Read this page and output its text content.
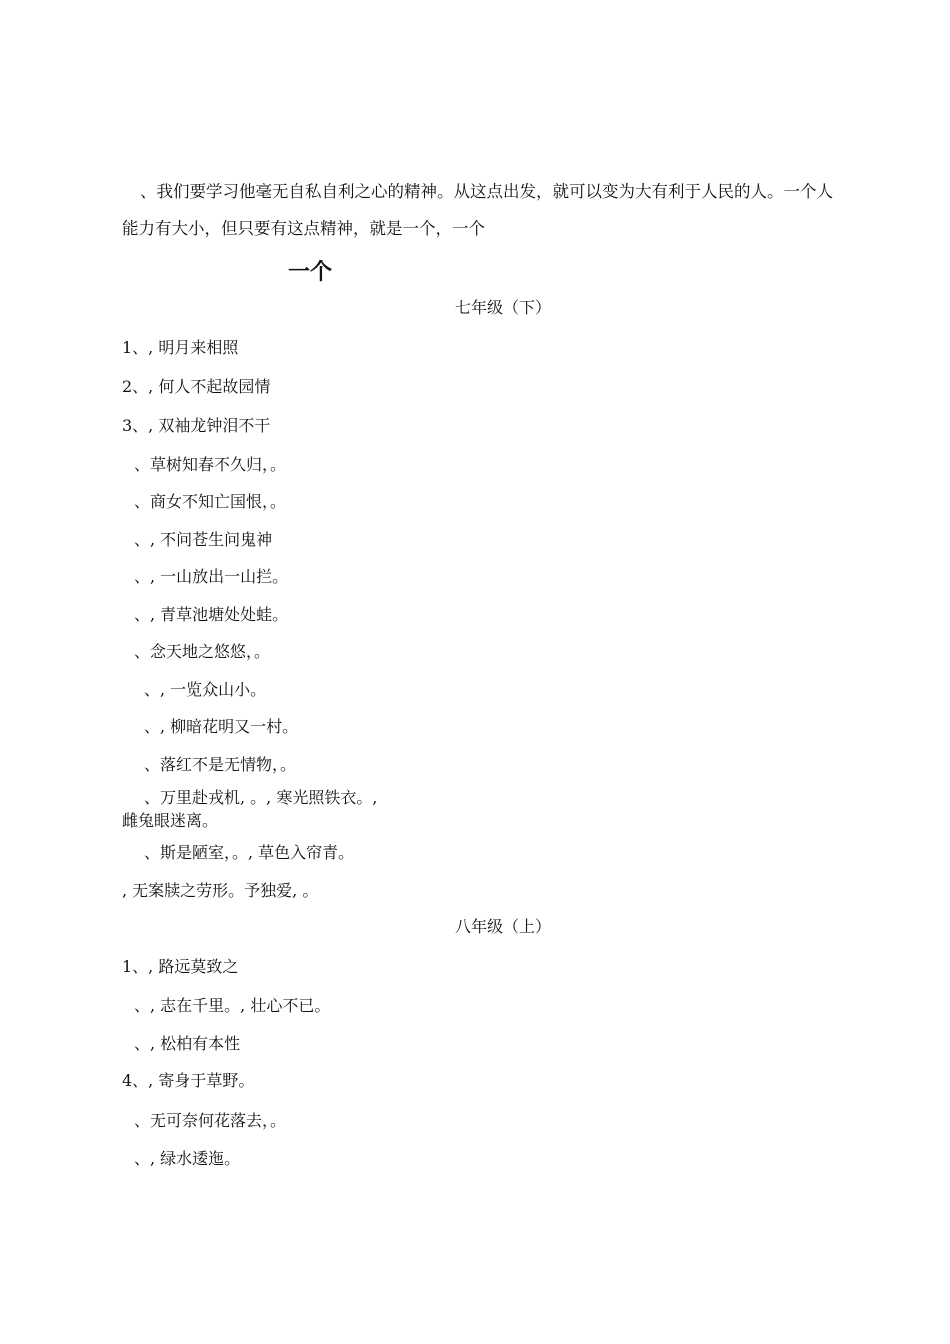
、我们要学习他毫无自私自利之心的精神。从这点出发，就可以变为大有利于人民的人。一个人
能力有大小，但只要有这点精神，就是一个，一个
一个
七年级（下）
1、, 明月来相照
2、, 何人不起故园情
3、, 双袖龙钟泪不干
、草树知春不久归，。
、商女不知亡国恨，。
、, 不问苍生问鬼神
、, 一山放出一山拦。
、, 青草池塘处处蛙。
、念天地之悠悠，。
、, 一览众山小。
、, 柳暗花明又一村。
、落红不是无情物，。
、万里赴戎机, 。, 寒光照铁衣。,
雌兔眼迷离。
、斯是陋室，。, 草色入帘青。
, 无案牍之劳形。予独爱, 。
八年级（上）
1、, 路远莫致之
、, 志在千里。, 壮心不已。
、, 松柏有本性
4、, 寄身于草野。
、无可奈何花落去，。
、, 绿水逶迤。
